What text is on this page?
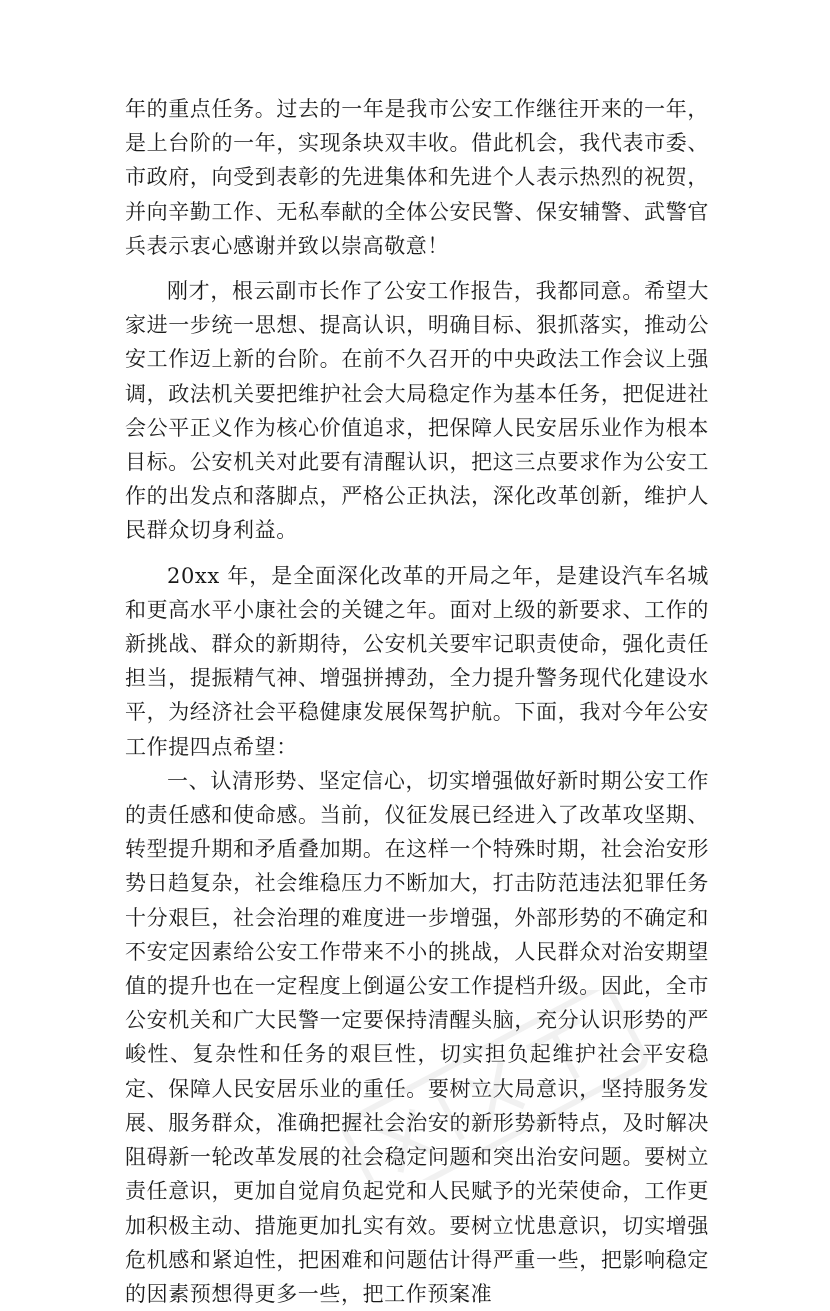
年的重点任务。过去的一年是我市公安工作继往开来的一年，是上台阶的一年，实现条块双丰收。借此机会，我代表市委、市政府，向受到表彰的先进集体和先进个人表示热烈的祝贺，并向辛勤工作、无私奉献的全体公安民警、保安辅警、武警官兵表示衷心感谢并致以崇高敬意！

刚才，根云副市长作了公安工作报告，我都同意。希望大家进一步统一思想、提高认识，明确目标、狠抓落实，推动公安工作迈上新的台阶。在前不久召开的中央政法工作会议上强调，政法机关要把维护社会大局稳定作为基本任务，把促进社会公平正义作为核心价值追求，把保障人民安居乐业作为根本目标。公安机关对此要有清醒认识，把这三点要求作为公安工作的出发点和落脚点，严格公正执法，深化改革创新，维护人民群众切身利益。

20xx 年，是全面深化改革的开局之年，是建设汽车名城和更高水平小康社会的关键之年。面对上级的新要求、工作的新挑战、群众的新期待，公安机关要牢记职责使命，强化责任担当，提振精气神、增强拼搏劲，全力提升警务现代化建设水平，为经济社会平稳健康发展保驾护航。下面，我对今年公安工作提四点希望：

一、认清形势、坚定信心，切实增强做好新时期公安工作的责任感和使命感。当前，仪征发展已经进入了改革攻坚期、转型提升期和矛盾叠加期。在这样一个特殊时期，社会治安形势日趋复杂，社会维稳压力不断加大，打击防范违法犯罪任务十分艰巨，社会治理的难度进一步增强，外部形势的不确定和不安定因素给公安工作带来不小的挑战，人民群众对治安期望值的提升也在一定程度上倒逼公安工作提档升级。因此，全市公安机关和广大民警一定要保持清醒头脑，充分认识形势的严峻性、复杂性和任务的艰巨性，切实担负起维护社会平安稳定、保障人民安居乐业的重任。要树立大局意识，坚持服务发展、服务群众，准确把握社会治安的新形势新特点，及时解决阻碍新一轮改革发展的社会稳定问题和突出治安问题。要树立责任意识，更加自觉肩负起党和人民赋予的光荣使命，工作更加积极主动、措施更加扎实有效。要树立忧患意识，切实增强危机感和紧迫性，把困难和问题估计得严重一些，把影响稳定的因素预想得更多一些，把工作预案准
